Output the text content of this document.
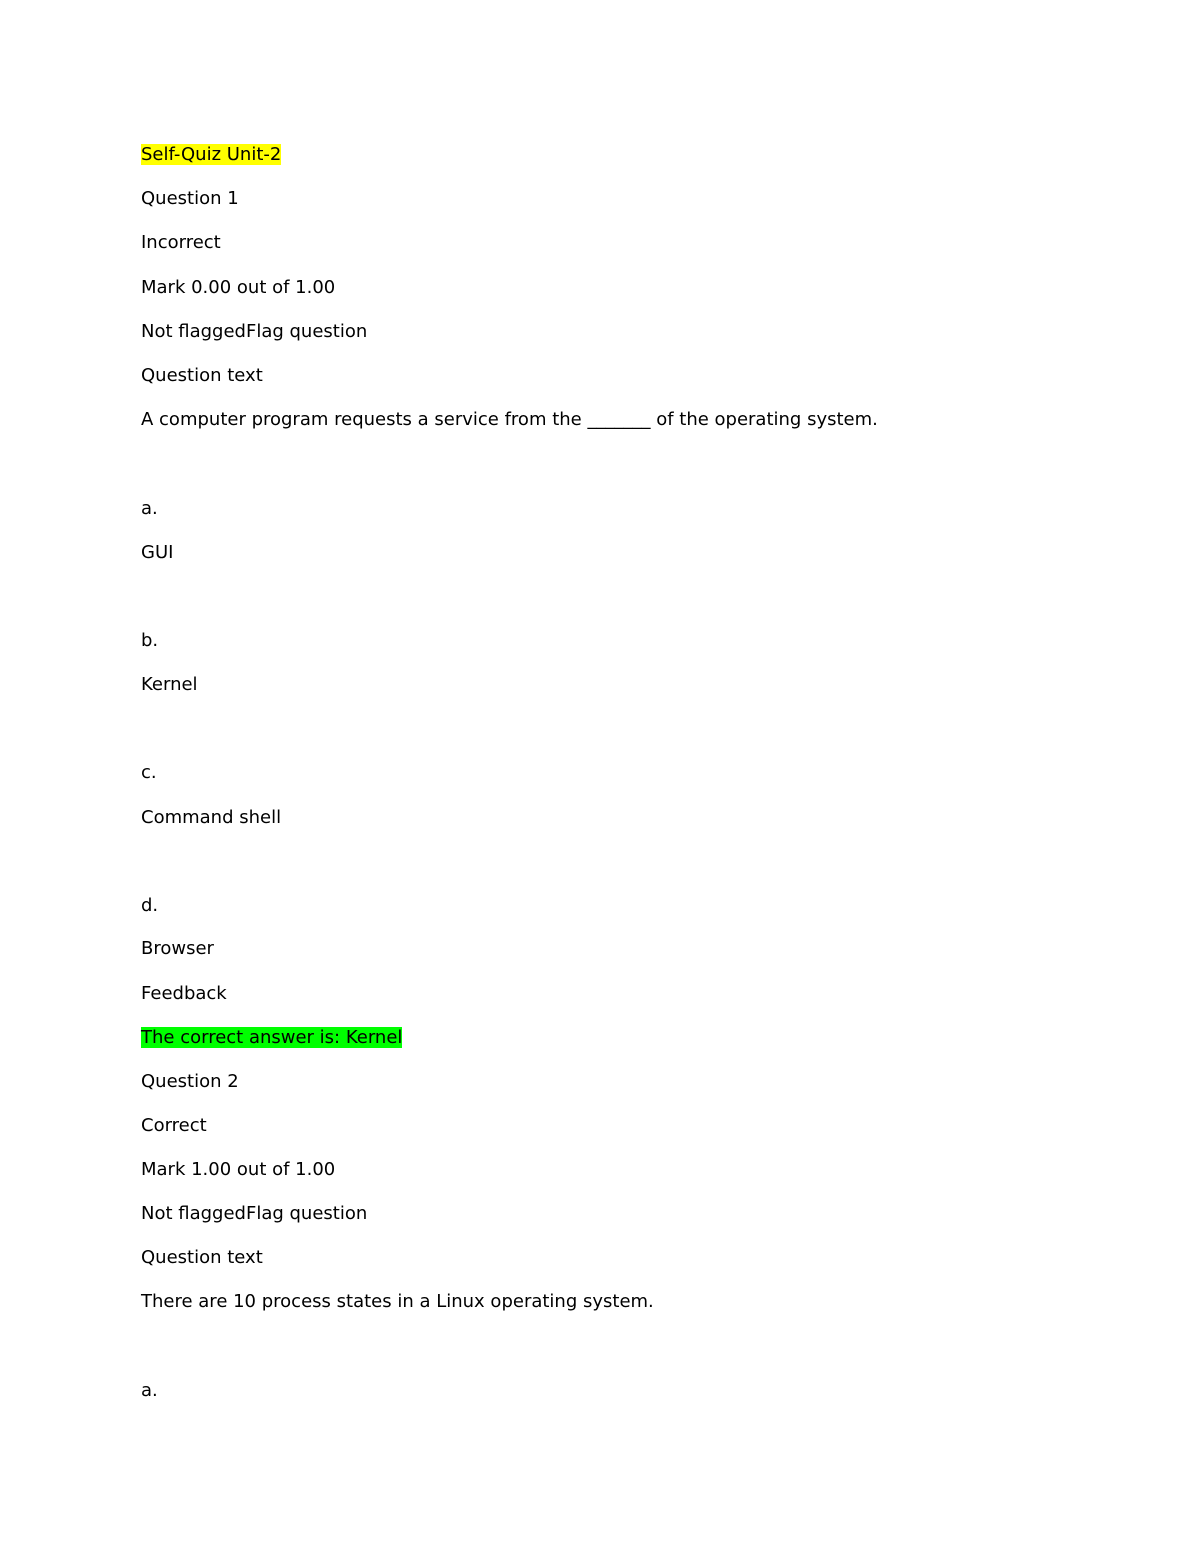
Self-Quiz Unit-2

Question 1

Incorrect

Mark 0.00 out of 1.00

Not flaggedFlag question

Question text

A computer program requests a service from the _______ of the operating system.

a.

GUI

b.

Kernel

c.

Command shell

d.

Browser

Feedback

The correct answer is: Kernel

Question 2

Correct

Mark 1.00 out of 1.00

Not flaggedFlag question

Question text

There are 10 process states in a Linux operating system.

a.
